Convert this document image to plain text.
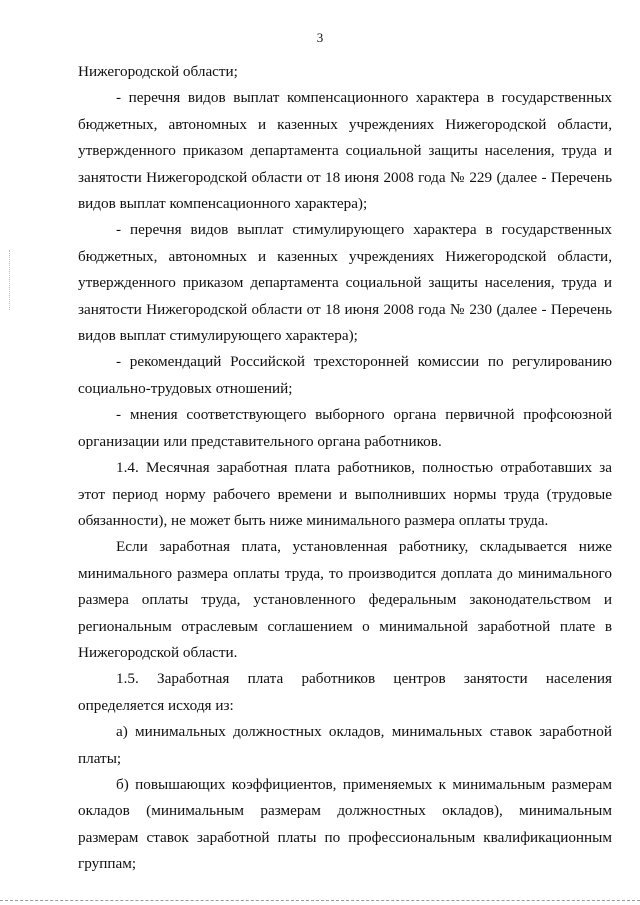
3

Нижегородской области;

- перечня видов выплат компенсационного характера в государственных бюджетных, автономных и казенных учреждениях Нижегородской области, утвержденного приказом департамента социальной защиты населения, труда и занятости Нижегородской области от 18 июня 2008 года № 229 (далее - Перечень видов выплат компенсационного характера);

- перечня видов выплат стимулирующего характера в государственных бюджетных, автономных и казенных учреждениях Нижегородской области, утвержденного приказом департамента социальной защиты населения, труда и занятости Нижегородской области от 18 июня 2008 года № 230 (далее - Перечень видов выплат стимулирующего характера);

- рекомендаций Российской трехсторонней комиссии по регулированию социально-трудовых отношений;

- мнения соответствующего выборного органа первичной профсоюзной организации или представительного органа работников.

1.4. Месячная заработная плата работников, полностью отработавших за этот период норму рабочего времени и выполнивших нормы труда (трудовые обязанности), не может быть ниже минимального размера оплаты труда.

Если заработная плата, установленная работнику, складывается ниже минимального размера оплаты труда, то производится доплата до минимального размера оплаты труда, установленного федеральным законодательством и региональным отраслевым соглашением о минимальной заработной плате в Нижегородской области.

1.5. Заработная плата работников центров занятости населения определяется исходя из:

а) минимальных должностных окладов, минимальных ставок заработной платы;

б) повышающих коэффициентов, применяемых к минимальным размерам окладов (минимальным размерам должностных окладов), минимальным размерам ставок заработной платы по профессиональным квалификационным группам;
